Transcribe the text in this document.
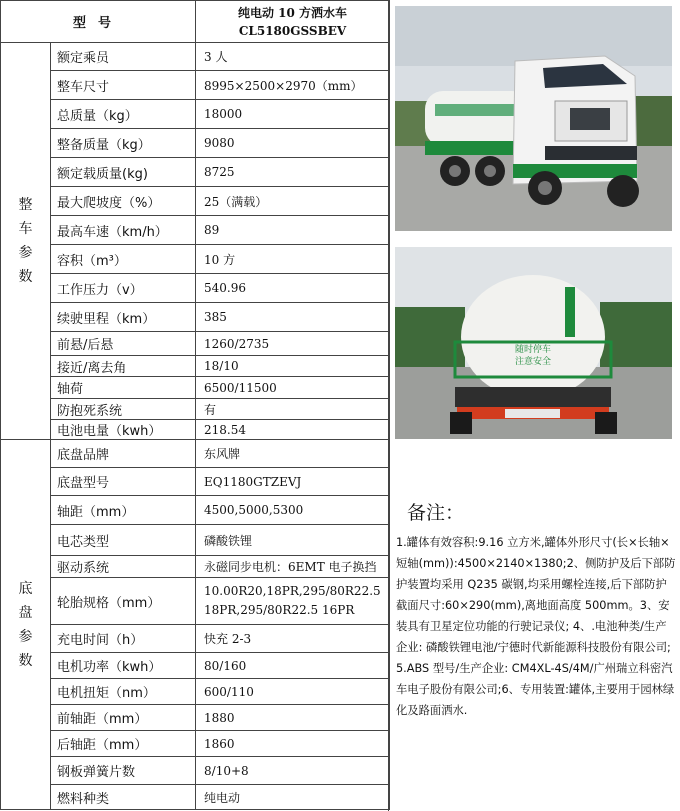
型号		纯电动 10 方洒水车
CL5180GSSBEV

整
车
参
数	额定乘员	3 人
	整车尺寸	8995×2500×2970（mm）
	总质量（kg）	18000
	整备质量（kg）	9080
	额定载质量(kg)	8725
	最大爬坡度（%）	25（满载）
	最高车速（km/h）	89
	容积（m³）	10 方
	工作压力（v）	540.96
	续驶里程（km）	385
	前悬/后悬	1260/2735
	接近/离去角	18/10
	轴荷	6500/11500
	防抱死系统	有
	电池电量（kwh）	218.54
底
盘
参
数	底盘品牌	东风牌
	底盘型号	EQ1180GTZEVJ
	轴距（mm）	4500,5000,5300
	电芯类型	磷酸铁锂
	驱动系统	永磁同步电机：6EMT 电子换挡
	轮胎规格（mm）	10.00R20,18PR,295/80R22.5 18PR,295/80R22.5 16PR
	充电时间（h）	快充 2-3
	电机功率（kwh）	80/160
	电机扭矩（nm）	600/110
	前轴距（mm）	1880
	后轴距（mm）	1860
	钢板弹簧片数	8/10+8
	燃料种类	纯电动
随时停车
注意安全
备注：
1.罐体有效容积:9.16 立方米,罐体外形尺寸(长×长轴×短轴(mm)):4500×2140×1380;2、侧防护及后下部防护装置均采用 Q235 碳钢,均采用螺栓连接,后下部防护截面尺寸:60×290(mm),离地面高度 500mm。3、安装具有卫星定位功能的行驶记录仪; 4、.电池种类/生产企业: 磷酸铁锂电池/宁德时代新能源科技股份有限公司;5.ABS 型号/生产企业: CM4XL-4S/4M/广州瑞立科密汽车电子股份有限公司;6、专用装置:罐体,主要用于园林绿化及路面洒水.
